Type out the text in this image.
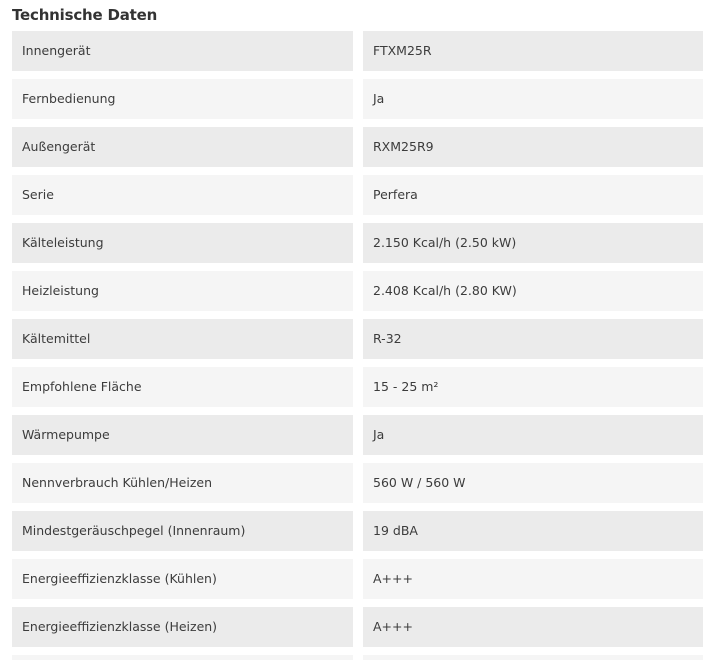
Technische Daten
Innengerät	FTXM25R
Fernbedienung	Ja
Außengerät	RXM25R9
Serie	Perfera
Kälteleistung	2.150 Kcal/h (2.50 kW)
Heizleistung	2.408 Kcal/h (2.80 KW)
Kältemittel	R-32
Empfohlene Fläche	15 - 25 m²
Wärmepumpe	Ja
Nennverbrauch Kühlen/Heizen	560 W / 560 W
Mindestgeräuschpegel (Innenraum)	19 dBA
Energieeffizienzklasse (Kühlen)	A+++
Energieeffizienzklasse (Heizen)	A+++
